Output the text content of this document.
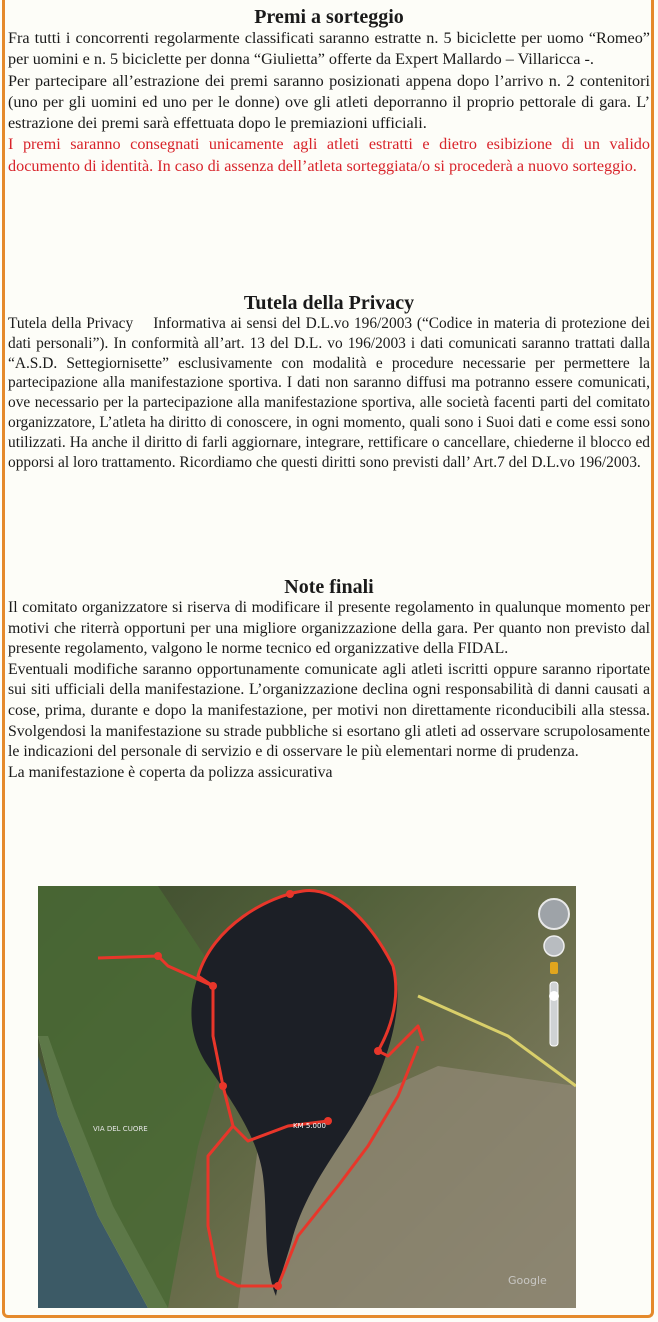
Premi a sorteggio

Fra tutti i concorrenti regolarmente classificati saranno estratte n. 5 biciclette per uomo “Romeo” per uomini e n. 5 biciclette per donna “Giulietta” offerte da Expert Mallardo – Villaricca -.

Per partecipare all’estrazione dei premi saranno posizionati appena dopo l’arrivo n. 2 contenitori (uno per gli uomini ed uno per le donne) ove gli atleti deporranno il proprio pettorale di gara. L’ estrazione dei premi sarà effettuata dopo le premiazioni ufficiali.

I premi saranno consegnati unicamente agli atleti estratti e dietro esibizione di un valido documento di identità. In caso di assenza dell’atleta sorteggiata/o si procederà a nuovo sorteggio.

Tutela della Privacy

Tutela della Privacy Informativa ai sensi del D.L.vo 196/2003 (“Codice in materia di protezione dei dati personali”). In conformità all’art. 13 del D.L. vo 196/2003 i dati comunicati saranno trattati dalla “A.S.D. Settegiornisette” esclusivamente con modalità e procedure necessarie per permettere la partecipazione alla manifestazione sportiva. I dati non saranno diffusi ma potranno essere comunicati, ove necessario per la partecipazione alla manifestazione sportiva, alle società facenti parti del comitato organizzatore, L’atleta ha diritto di conoscere, in ogni momento, quali sono i Suoi dati e come essi sono utilizzati. Ha anche il diritto di farli aggiornare, integrare, rettificare o cancellare, chiederne il blocco ed opporsi al loro trattamento. Ricordiamo che questi diritti sono previsti dall’ Art.7 del D.L.vo 196/2003.

Note finali

Il comitato organizzatore si riserva di modificare il presente regolamento in qualunque momento per motivi che riterrà opportuni per una migliore organizzazione della gara. Per quanto non previsto dal presente regolamento, valgono le norme tecnico ed organizzative della FIDAL.

Eventuali modifiche saranno opportunamente comunicate agli atleti iscritti oppure saranno riportate sui siti ufficiali della manifestazione. L’organizzazione declina ogni responsabilità di danni causati a cose, prima, durante e dopo la manifestazione, per motivi non direttamente riconducibili alla stessa. Svolgendosi la manifestazione su strade pubbliche si esortano gli atleti ad osservare scrupolosamente le indicazioni del personale di servizio e di osservare le più elementari norme di prudenza.

La manifestazione è coperta da polizza assicurativa

VIA DEL CUORE	KM 5.000
Google
